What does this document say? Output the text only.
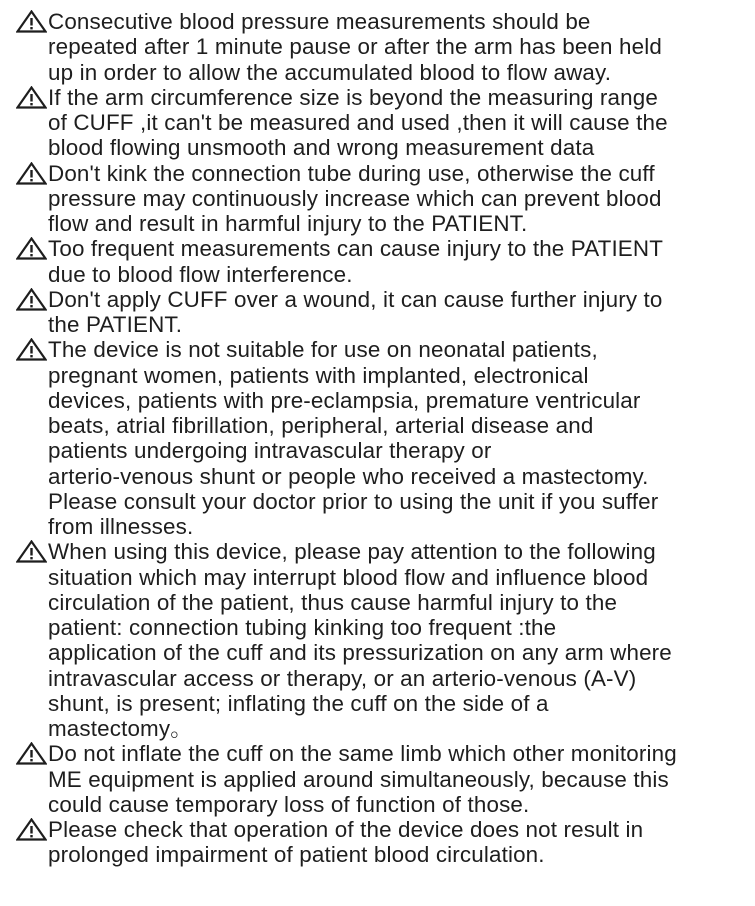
Consecutive blood pressure measurements should be
repeated after 1 minute pause or after the arm has been held
up in order to allow the accumulated blood to flow away.
If the arm circumference size is beyond the measuring range
of CUFF ,it can't be measured and used ,then it will cause the
blood flowing unsmooth and wrong measurement data
Don't kink the connection tube during use, otherwise the cuff
pressure may continuously increase which can prevent blood
flow and result in harmful injury to the PATIENT.
Too frequent measurements can cause injury to the PATIENT
due to blood flow interference.
Don't apply CUFF over a wound, it can cause further injury to
the PATIENT.
The device is not suitable for use on neonatal patients,
pregnant women, patients with implanted, electronical
devices, patients with pre-eclampsia, premature ventricular
beats, atrial fibrillation, peripheral, arterial disease and
patients undergoing intravascular therapy or
arterio-venous shunt or people who received a mastectomy.
Please consult your doctor prior to using the unit if you suffer
from illnesses.
When using this device, please pay attention to the following
situation which may interrupt blood flow and influence blood
circulation of the patient, thus cause harmful injury to the
patient: connection tubing kinking too frequent :the
application of the cuff and its pressurization on any arm where
intravascular access or therapy, or an arterio-venous (A-V)
shunt, is present; inflating the cuff on the side of a
mastectomy。
Do not inflate the cuff on the same limb which other monitoring
ME equipment is applied around simultaneously, because this
could cause temporary loss of function of those.
Please check that operation of the device does not result in
prolonged impairment of patient blood circulation.
